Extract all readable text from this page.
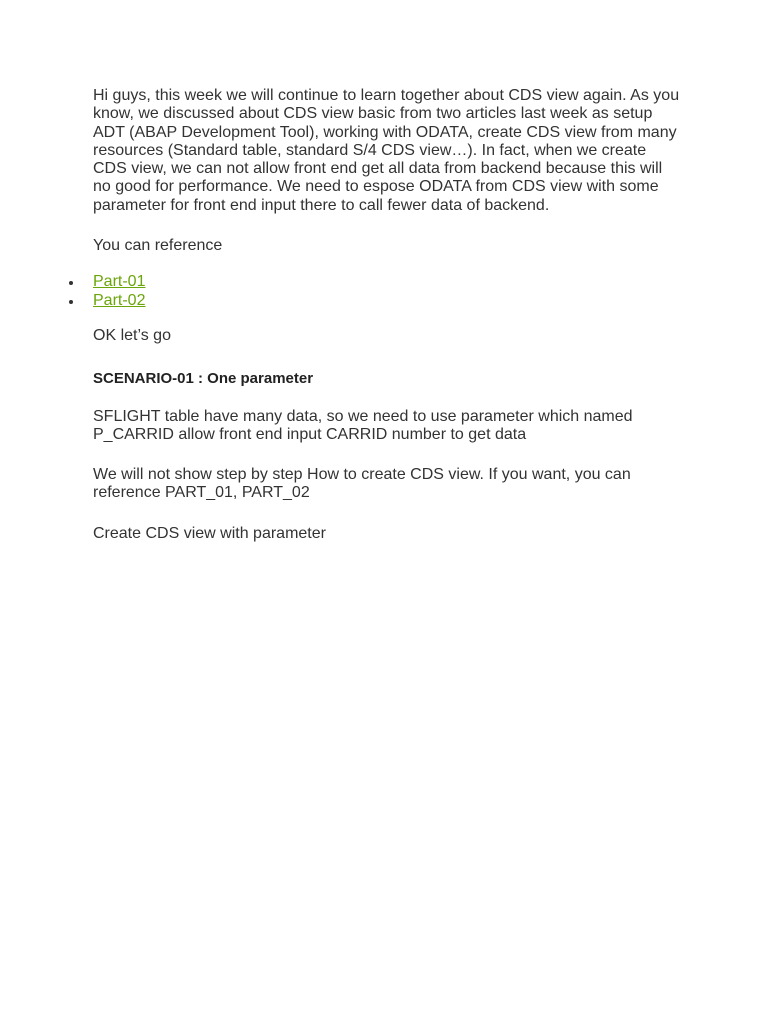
Hi guys, this week we will continue to learn together about CDS view again. As you know, we discussed about CDS view basic from two articles last week as setup ADT (ABAP Development Tool), working with ODATA, create CDS view from many resources (Standard table, standard S/4 CDS view…). In fact, when we create CDS view, we can not allow front end get all data from backend because this will no good for performance. We need to espose ODATA from CDS view with some parameter for front end input there to call fewer data of backend.

You can reference

Part-01
Part-02

OK let’s go

SCENARIO-01 : One parameter

SFLIGHT table have many data, so we need to use parameter which named P_CARRID allow front end input CARRID number to get data

We will not show step by step How to create CDS view. If you want, you can reference PART_01, PART_02

Create CDS view with parameter
